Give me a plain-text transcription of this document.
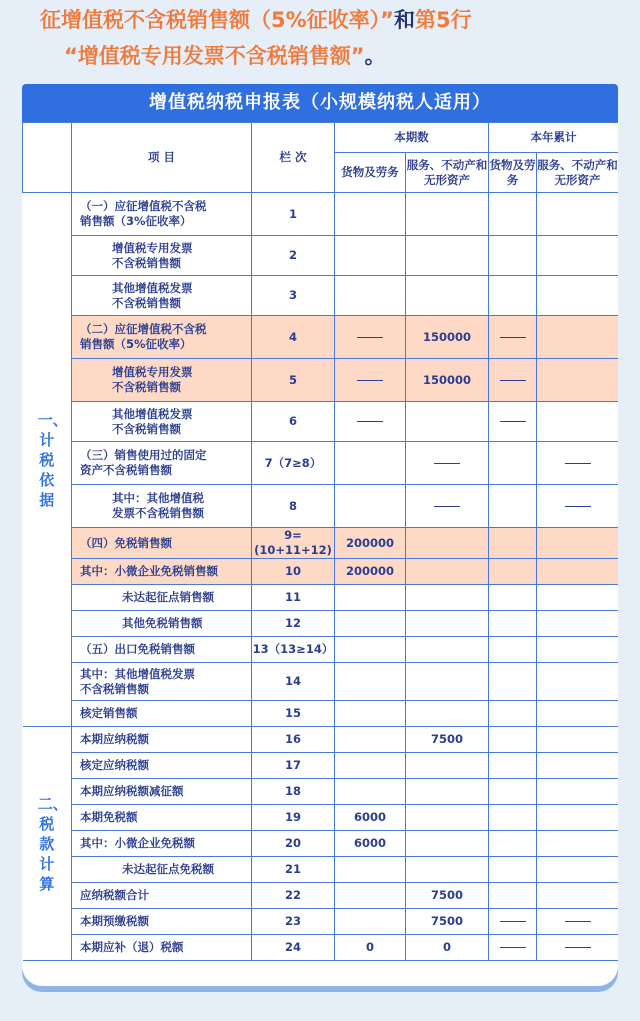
征增值税不含税销售额（5%征收率）”和第5行
“增值税专用发票不含税销售额”。
增值税纳税申报表（小规模纳税人适用）
	项 目	栏 次	本期数		本年累计	
			货物及劳务	服务、不动产和无形资产	货物及劳务	服务、不动产和无形资产
一、计税依据	（一）应征增值税不含税
销售额（3%征收率）	1				
	增值税专用发票
不含税销售额	2				
	其他增值税发票
不含税销售额	3				
	（二）应征增值税不含税
销售额（5%征收率）	4		150000		
	增值税专用发票
不含税销售额	5		150000		
	其他增值税发票
不含税销售额	6				
	（三）销售使用过的固定
资产不含税销售额	7（7≥8）				
	其中：其他增值税
发票不含税销售额	8				
	（四）免税销售额	9=(10+11+12)	200000			
	其中：小微企业免税销售额	10	200000			
	未达起征点销售额	11				
	其他免税销售额	12				
	（五）出口免税销售额	13（13≥14）				
	其中：其他增值税发票
不含税销售额	14				
	核定销售额	15				
二、税款计算	本期应纳税额	16		7500		
	核定应纳税额	17				
	本期应纳税额减征额	18				
	本期免税额	19	6000			
	其中：小微企业免税额	20	6000			
	未达起征点免税额	21				
	应纳税额合计	22		7500		
	本期预缴税额	23		7500		
	本期应补（退）税额	24	0	0		
